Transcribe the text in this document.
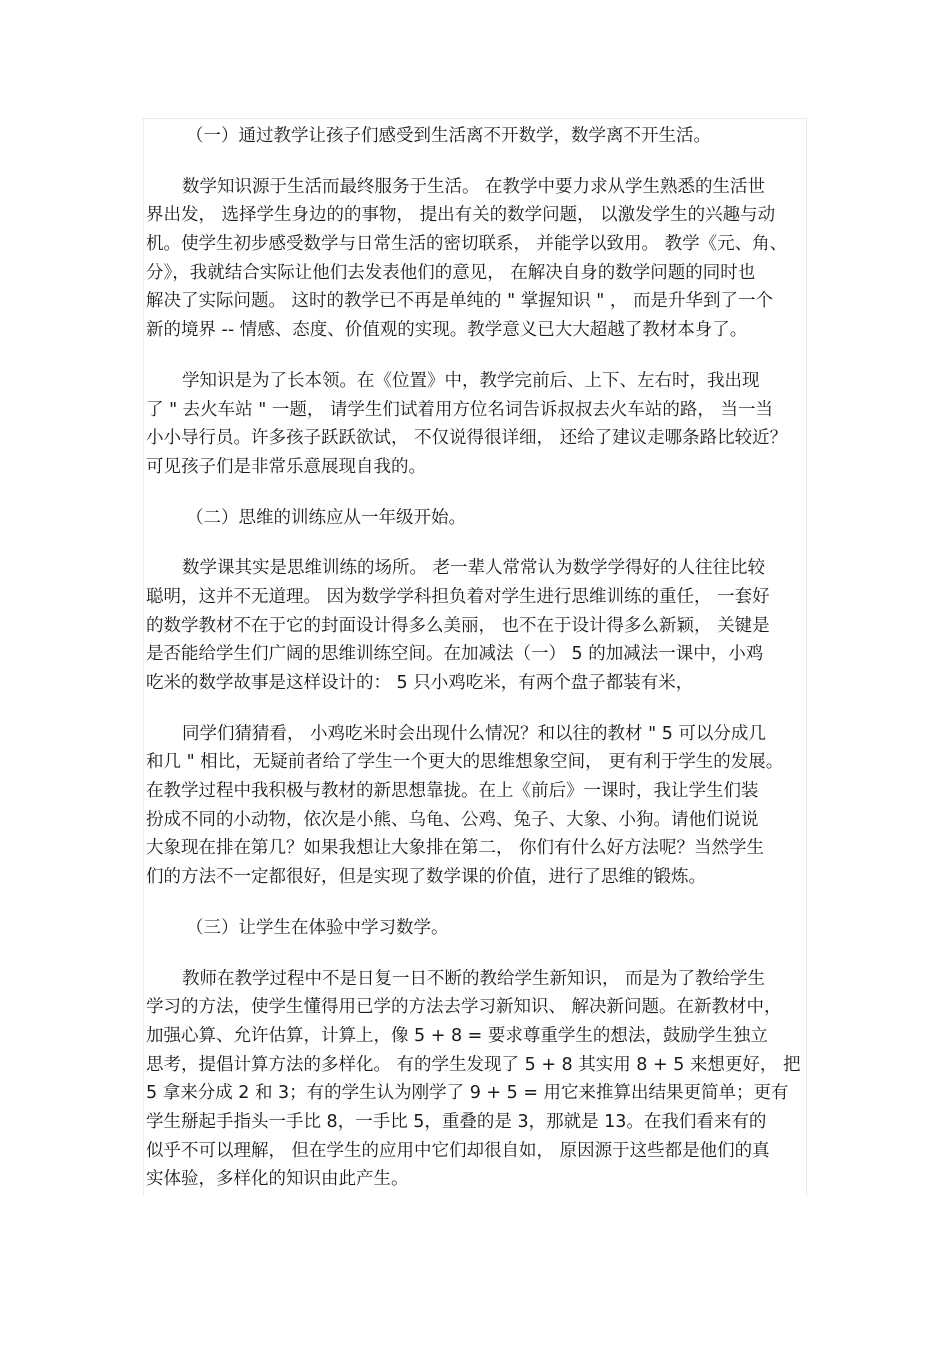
（一）通过教学让孩子们感受到生活离不开数学，数学离不开生活。
数学知识源于生活而最终服务于生活。 在教学中要力求从学生熟悉的生活世
界出发， 选择学生身边的的事物， 提出有关的数学问题， 以激发学生的兴趣与动
机。使学生初步感受数学与日常生活的密切联系， 并能学以致用。 教学《元、角、
分》，我就结合实际让他们去发表他们的意见， 在解决自身的数学问题的同时也
解决了实际问题。 这时的教学已不再是单纯的 " 掌握知识 " ， 而是升华到了一个
新的境界 -- 情感、态度、价值观的实现。教学意义已大大超越了教材本身了。
学知识是为了长本领。在《位置》中，教学完前后、上下、左右时，我出现
了 " 去火车站 " 一题， 请学生们试着用方位名词告诉叔叔去火车站的路， 当一当
小小导行员。许多孩子跃跃欲试， 不仅说得很详细， 还给了建议走哪条路比较近？
可见孩子们是非常乐意展现自我的。
（二）思维的训练应从一年级开始。
数学课其实是思维训练的场所。 老一辈人常常认为数学学得好的人往往比较
聪明，这并不无道理。 因为数学学科担负着对学生进行思维训练的重任， 一套好
的数学教材不在于它的封面设计得多么美丽， 也不在于设计得多么新颖， 关键是
是否能给学生们广阔的思维训练空间。在加减法（一） 5 的加减法一课中，小鸡
吃米的数学故事是这样设计的： 5 只小鸡吃米，有两个盘子都装有米，
同学们猜猜看， 小鸡吃米时会出现什么情况？和以往的教材 " 5 可以分成几
和几 " 相比，无疑前者给了学生一个更大的思维想象空间， 更有利于学生的发展。
在教学过程中我积极与教材的新思想靠拢。在上《前后》一课时，我让学生们装
扮成不同的小动物，依次是小熊、乌龟、公鸡、兔子、大象、小狗。请他们说说
大象现在排在第几？如果我想让大象排在第二， 你们有什么好方法呢？当然学生
们的方法不一定都很好，但是实现了数学课的价值，进行了思维的锻炼。
（三）让学生在体验中学习数学。
教师在教学过程中不是日复一日不断的教给学生新知识， 而是为了教给学生
学习的方法，使学生懂得用已学的方法去学习新知识、 解决新问题。在新教材中，
加强心算、允许估算，计算上，像 5 + 8 = 要求尊重学生的想法，鼓励学生独立
思考，提倡计算方法的多样化。 有的学生发现了 5 + 8 其实用 8 + 5 来想更好， 把
5 拿来分成 2 和 3；有的学生认为刚学了 9 + 5 = 用它来推算出结果更简单；更有
学生掰起手指头一手比 8，一手比 5，重叠的是 3，那就是 13。在我们看来有的
似乎不可以理解， 但在学生的应用中它们却很自如， 原因源于这些都是他们的真
实体验，多样化的知识由此产生。
